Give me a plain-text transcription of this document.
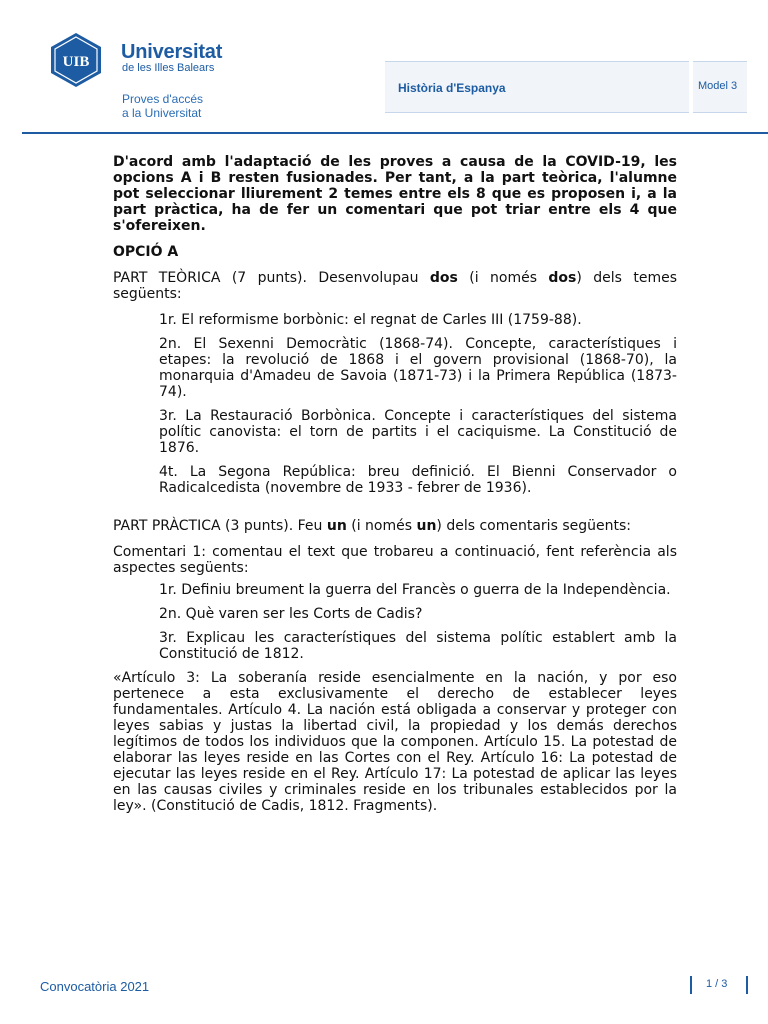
UIB Universitat
de les Illes Balears
Proves d'accés
a la Universitat
Història d'Espanya	Model 3

D'acord amb l'adaptació de les proves a causa de la COVID-19, les opcions A i B resten fusionades. Per tant, a la part teòrica, l'alumne pot seleccionar lliurement 2 temes entre els 8 que es proposen i, a la part pràctica, ha de fer un comentari que pot triar entre els 4 que s'ofereixen.

OPCIÓ A

PART TEÒRICA (7 punts). Desenvolupau dos (i només dos) dels temes següents:

1r. El reformisme borbònic: el regnat de Carles III (1759-88).

2n. El Sexenni Democràtic (1868-74). Concepte, característiques i etapes: la revolució de 1868 i el govern provisional (1868-70), la monarquia d'Amadeu de Savoia (1871-73) i la Primera República (1873-74).

3r. La Restauració Borbònica. Concepte i característiques del sistema polític canovista: el torn de partits i el caciquisme. La Constitució de 1876.

4t. La Segona República: breu definició. El Bienni Conservador o Radicalcedista (novembre de 1933 - febrer de 1936).

PART PRÀCTICA (3 punts). Feu un (i només un) dels comentaris següents:

Comentari 1: comentau el text que trobareu a continuació, fent referència als aspectes següents:

1r. Definiu breument la guerra del Francès o guerra de la Independència.

2n. Què varen ser les Corts de Cadis?

3r. Explicau les característiques del sistema polític establert amb la Constitució de 1812.

«Artículo 3: La soberanía reside esencialmente en la nación, y por eso pertenece a esta exclusivamente el derecho de establecer leyes fundamentales. Artículo 4. La nación está obligada a conservar y proteger con leyes sabias y justas la libertad civil, la propiedad y los demás derechos legítimos de todos los individuos que la componen. Artículo 15. La potestad de elaborar las leyes reside en las Cortes con el Rey. Artículo 16: La potestad de ejecutar las leyes reside en el Rey. Artículo 17: La potestad de aplicar las leyes en las causas civiles y criminales reside en los tribunales establecidos por la ley». (Constitució de Cadis, 1812. Fragments).

Convocatòria 2021	1 / 3
